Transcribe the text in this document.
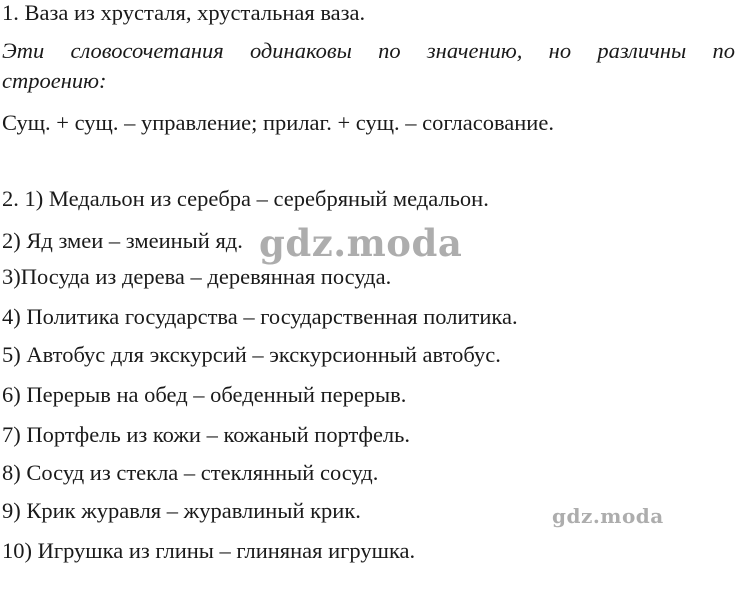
1. Ваза из хрусталя, хрустальная ваза.
Эти словосочетания одинаковы по значению, но различны по
строению:
Сущ. + сущ. – управление; прилаг. + сущ. – согласование.
2. 1) Медальон из серебра – серебряный медальон.
2) Яд змеи – змеиный яд.
3)Посуда из дерева – деревянная посуда.
4) Политика государства – государственная политика.
5) Автобус для экскурсий – экскурсионный автобус.
6) Перерыв на обед – обеденный перерыв.
7) Портфель из кожи – кожаный портфель.
8) Сосуд из стекла – стеклянный сосуд.
9) Крик журавля – журавлиный крик.
10) Игрушка из глины – глиняная игрушка.
gdz.moda
gdz.moda
